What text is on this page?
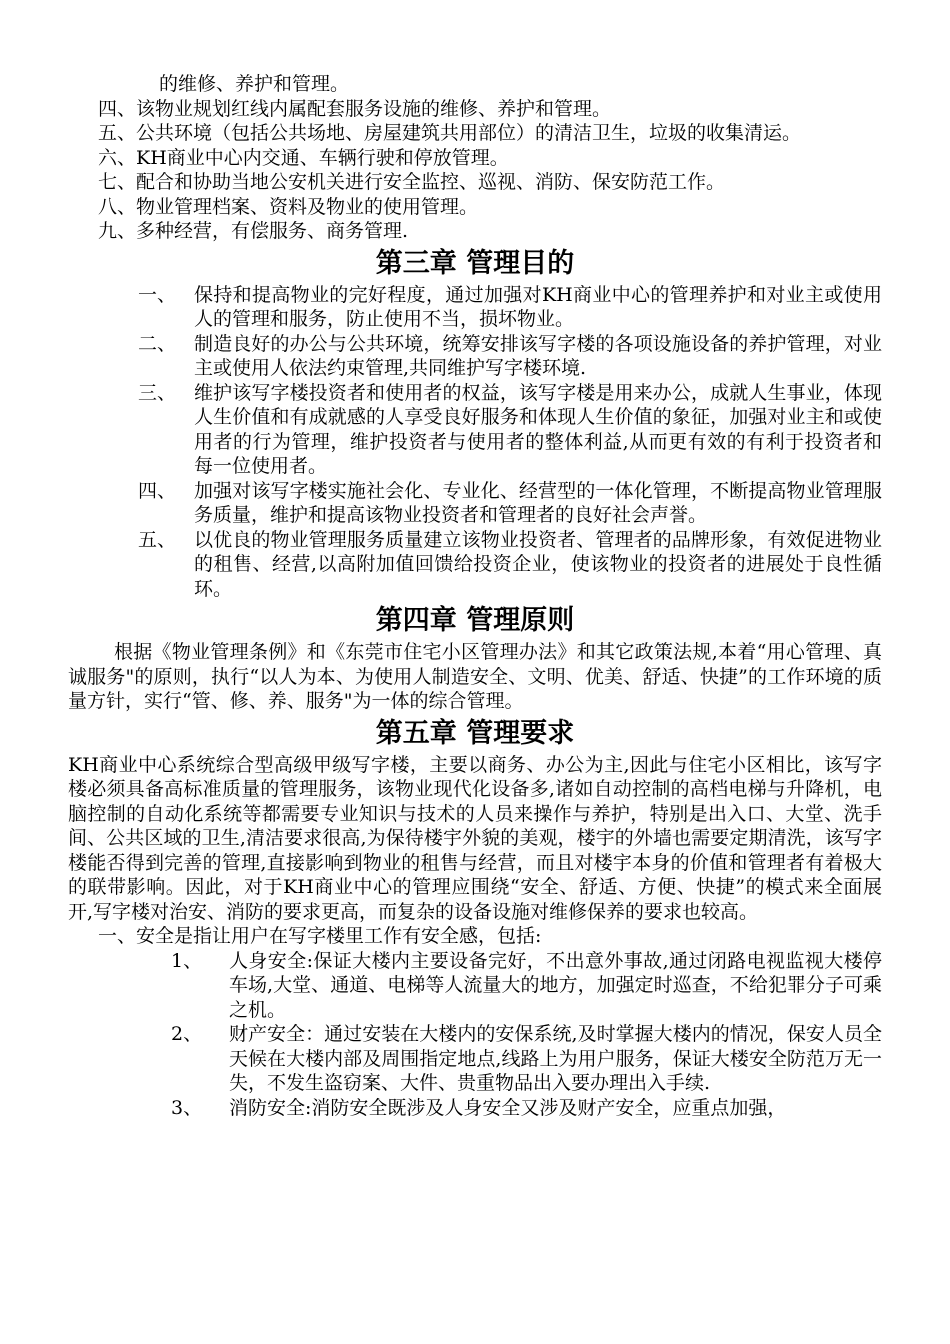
的维修、养护和管理。
四、 该物业规划红线内属配套服务设施的维修、养护和管理。
五、 公共环境（包括公共场地、房屋建筑共用部位）的清洁卫生，垃圾的收集清运。
六、 KH商业中心内交通、车辆行驶和停放管理。
七、 配合和协助当地公安机关进行安全监控、巡视、消防、保安防范工作。
八、 物业管理档案、资料及物业的使用管理。
九、 多种经营，有偿服务、商务管理.
第三章 管理目的
一、 保持和提高物业的完好程度，通过加强对KH商业中心的管理养护和对业主或使用人的管理和服务，防止使用不当，损坏物业。
二、 制造良好的办公与公共环境，统筹安排该写字楼的各项设施设备的养护管理，对业主或使用人依法约束管理,共同维护写字楼环境.
三、 维护该写字楼投资者和使用者的权益，该写字楼是用来办公，成就人生事业，体现人生价值和有成就感的人享受良好服务和体现人生价值的象征，加强对业主和或使用者的行为管理，维护投资者与使用者的整体利益,从而更有效的有利于投资者和每一位使用者。
四、 加强对该写字楼实施社会化、专业化、经营型的一体化管理，不断提高物业管理服务质量，维护和提高该物业投资者和管理者的良好社会声誉。
五、 以优良的物业管理服务质量建立该物业投资者、管理者的品牌形象，有效促进物业的租售、经营,以高附加值回馈给投资企业，使该物业的投资者的进展处于良性循环。
第四章 管理原则

根据《物业管理条例》和《东莞市住宅小区管理办法》和其它政策法规,本着“用心管理、真诚服务"的原则，执行“以人为本、为使用人制造安全、文明、优美、舒适、快捷”的工作环境的质量方针，实行“管、修、养、服务"为一体的综合管理。

第五章 管理要求

KH商业中心系统综合型高级甲级写字楼，主要以商务、办公为主,因此与住宅小区相比，该写字楼必须具备高标准质量的管理服务，该物业现代化设备多,诸如自动控制的高档电梯与升降机，电脑控制的自动化系统等都需要专业知识与技术的人员来操作与养护，特别是出入口、大堂、洗手间、公共区域的卫生,清洁要求很高,为保待楼宇外貌的美观，楼宇的外墙也需要定期清洗，该写字楼能否得到完善的管理,直接影响到物业的租售与经营，而且对楼宇本身的价值和管理者有着极大的联带影响。因此，对于KH商业中心的管理应围绕“安全、舒适、方便、快捷”的模式来全面展开,写字楼对治安、消防的要求更高，而复杂的设备设施对维修保养的要求也较高。

一、 安全是指让用户在写字楼里工作有安全感，包括:
1、	人身安全:保证大楼内主要设备完好，不出意外事故,通过闭路电视监视大楼停车场,大堂、通道、电梯等人流量大的地方，加强定时巡查，不给犯罪分子可乘之机。
2、	财产安全：通过安装在大楼内的安保系统,及时掌握大楼内的情况，保安人员全天候在大楼内部及周围指定地点,线路上为用户服务，保证大楼安全防范万无一失，不发生盗窃案、大件、贵重物品出入要办理出入手续.
3、	消防安全:消防安全既涉及人身安全又涉及财产安全，应重点加强，
